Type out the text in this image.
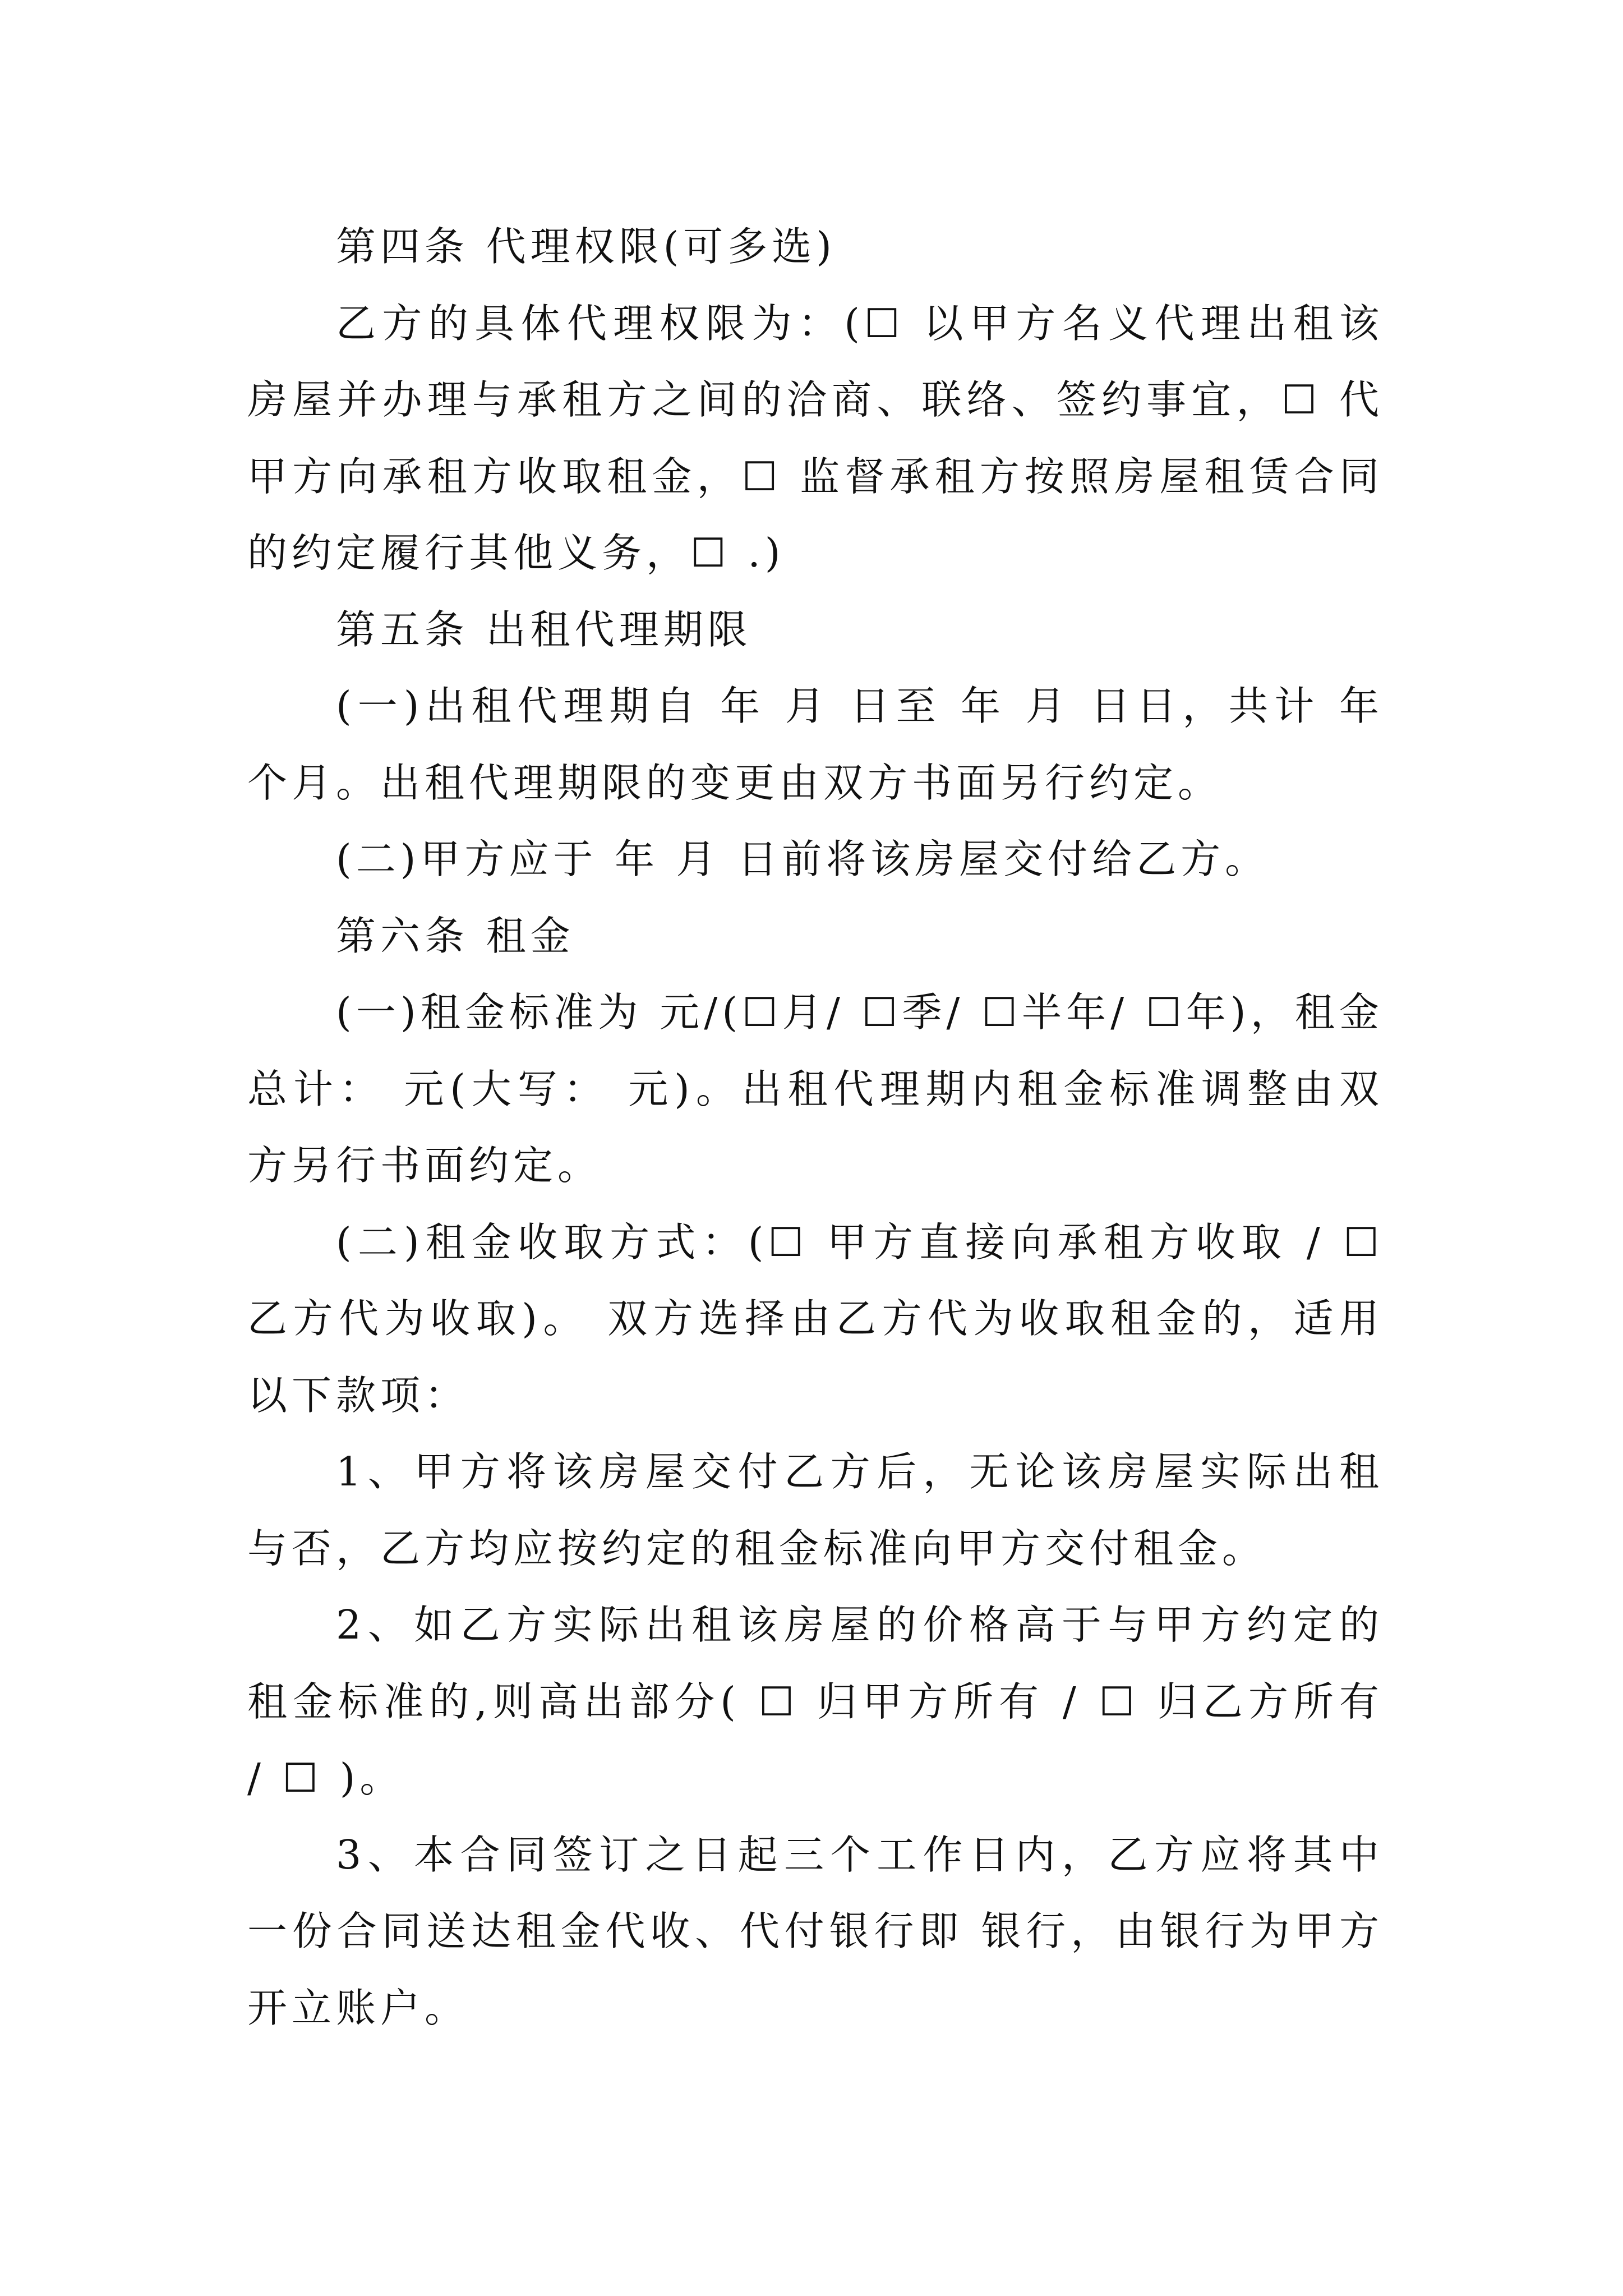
第四条 代理权限(可多选)

乙方的具体代理权限为：(☐ 以甲方名义代理出租该房屋并办理与承租方之间的洽商、联络、签约事宜，☐ 代甲方向承租方收取租金，☐ 监督承租方按照房屋租赁合同的约定履行其他义务，☐ .)

第五条 出租代理期限

(一)出租代理期自 年 月 日至 年 月 日日，共计 年 个月。出租代理期限的变更由双方书面另行约定。

(二)甲方应于 年 月 日前将该房屋交付给乙方。

第六条 租金

(一)租金标准为 元/(☐月/ ☐季/ ☐半年/ ☐年)，租金总计： 元(大写： 元)。出租代理期内租金标准调整由双方另行书面约定。

(二)租金收取方式：(☐ 甲方直接向承租方收取 / ☐ 乙方代为收取)。 双方选择由乙方代为收取租金的，适用以下款项：

1、甲方将该房屋交付乙方后，无论该房屋实际出租与否，乙方均应按约定的租金标准向甲方交付租金。

2、如乙方实际出租该房屋的价格高于与甲方约定的租金标准的,则高出部分( ☐ 归甲方所有 / ☐ 归乙方所有 / ☐ )。

3、本合同签订之日起三个工作日内，乙方应将其中一份合同送达租金代收、代付银行即 银行，由银行为甲方开立账户。
